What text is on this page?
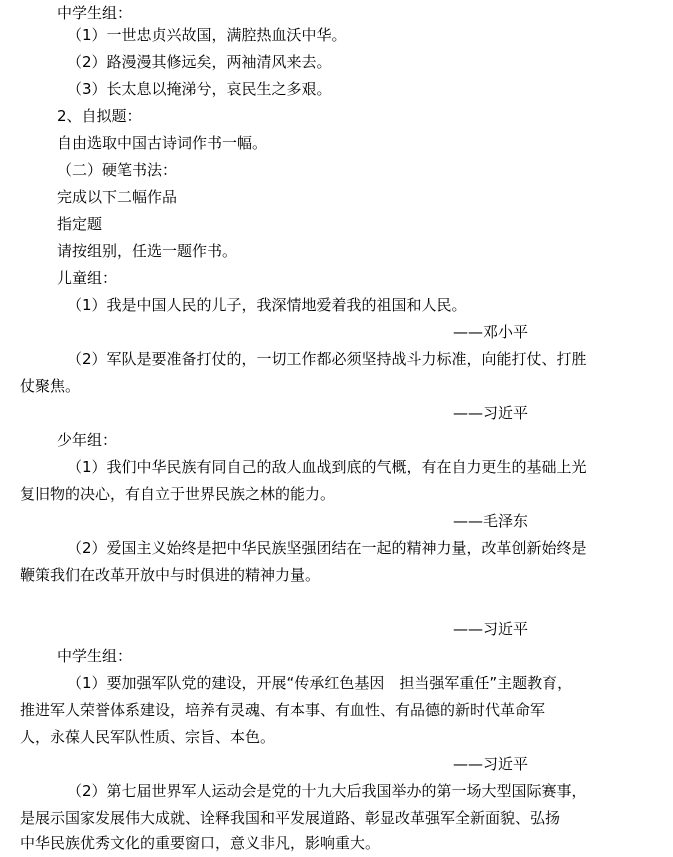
中学生组：
（1）一世忠贞兴故国，满腔热血沃中华。
（2）路漫漫其修远矣，两袖清风来去。
（3）长太息以掩涕兮，哀民生之多艰。
2、自拟题：
自由选取中国古诗词作书一幅。
（二）硬笔书法：
完成以下二幅作品
指定题
请按组别，任选一题作书。
儿童组：
（1）我是中国人民的儿子，我深情地爱着我的祖国和人民。
——邓小平
（2）军队是要准备打仗的，一切工作都必须坚持战斗力标准，向能打仗、打胜
仗聚焦。
——习近平
少年组：
（1）我们中华民族有同自己的敌人血战到底的气概，有在自力更生的基础上光
复旧物的决心，有自立于世界民族之林的能力。
——毛泽东
（2）爱国主义始终是把中华民族坚强团结在一起的精神力量，改革创新始终是
鞭策我们在改革开放中与时俱进的精神力量。
——习近平
中学生组：
（1）要加强军队党的建设，开展“传承红色基因　担当强军重任”主题教育，
推进军人荣誉体系建设，培养有灵魂、有本事、有血性、有品德的新时代革命军
人，永葆人民军队性质、宗旨、本色。
——习近平
（2）第七届世界军人运动会是党的十九大后我国举办的第一场大型国际赛事，
是展示国家发展伟大成就、诠释我国和平发展道路、彰显改革强军全新面貌、弘扬
中华民族优秀文化的重要窗口，意义非凡，影响重大。
